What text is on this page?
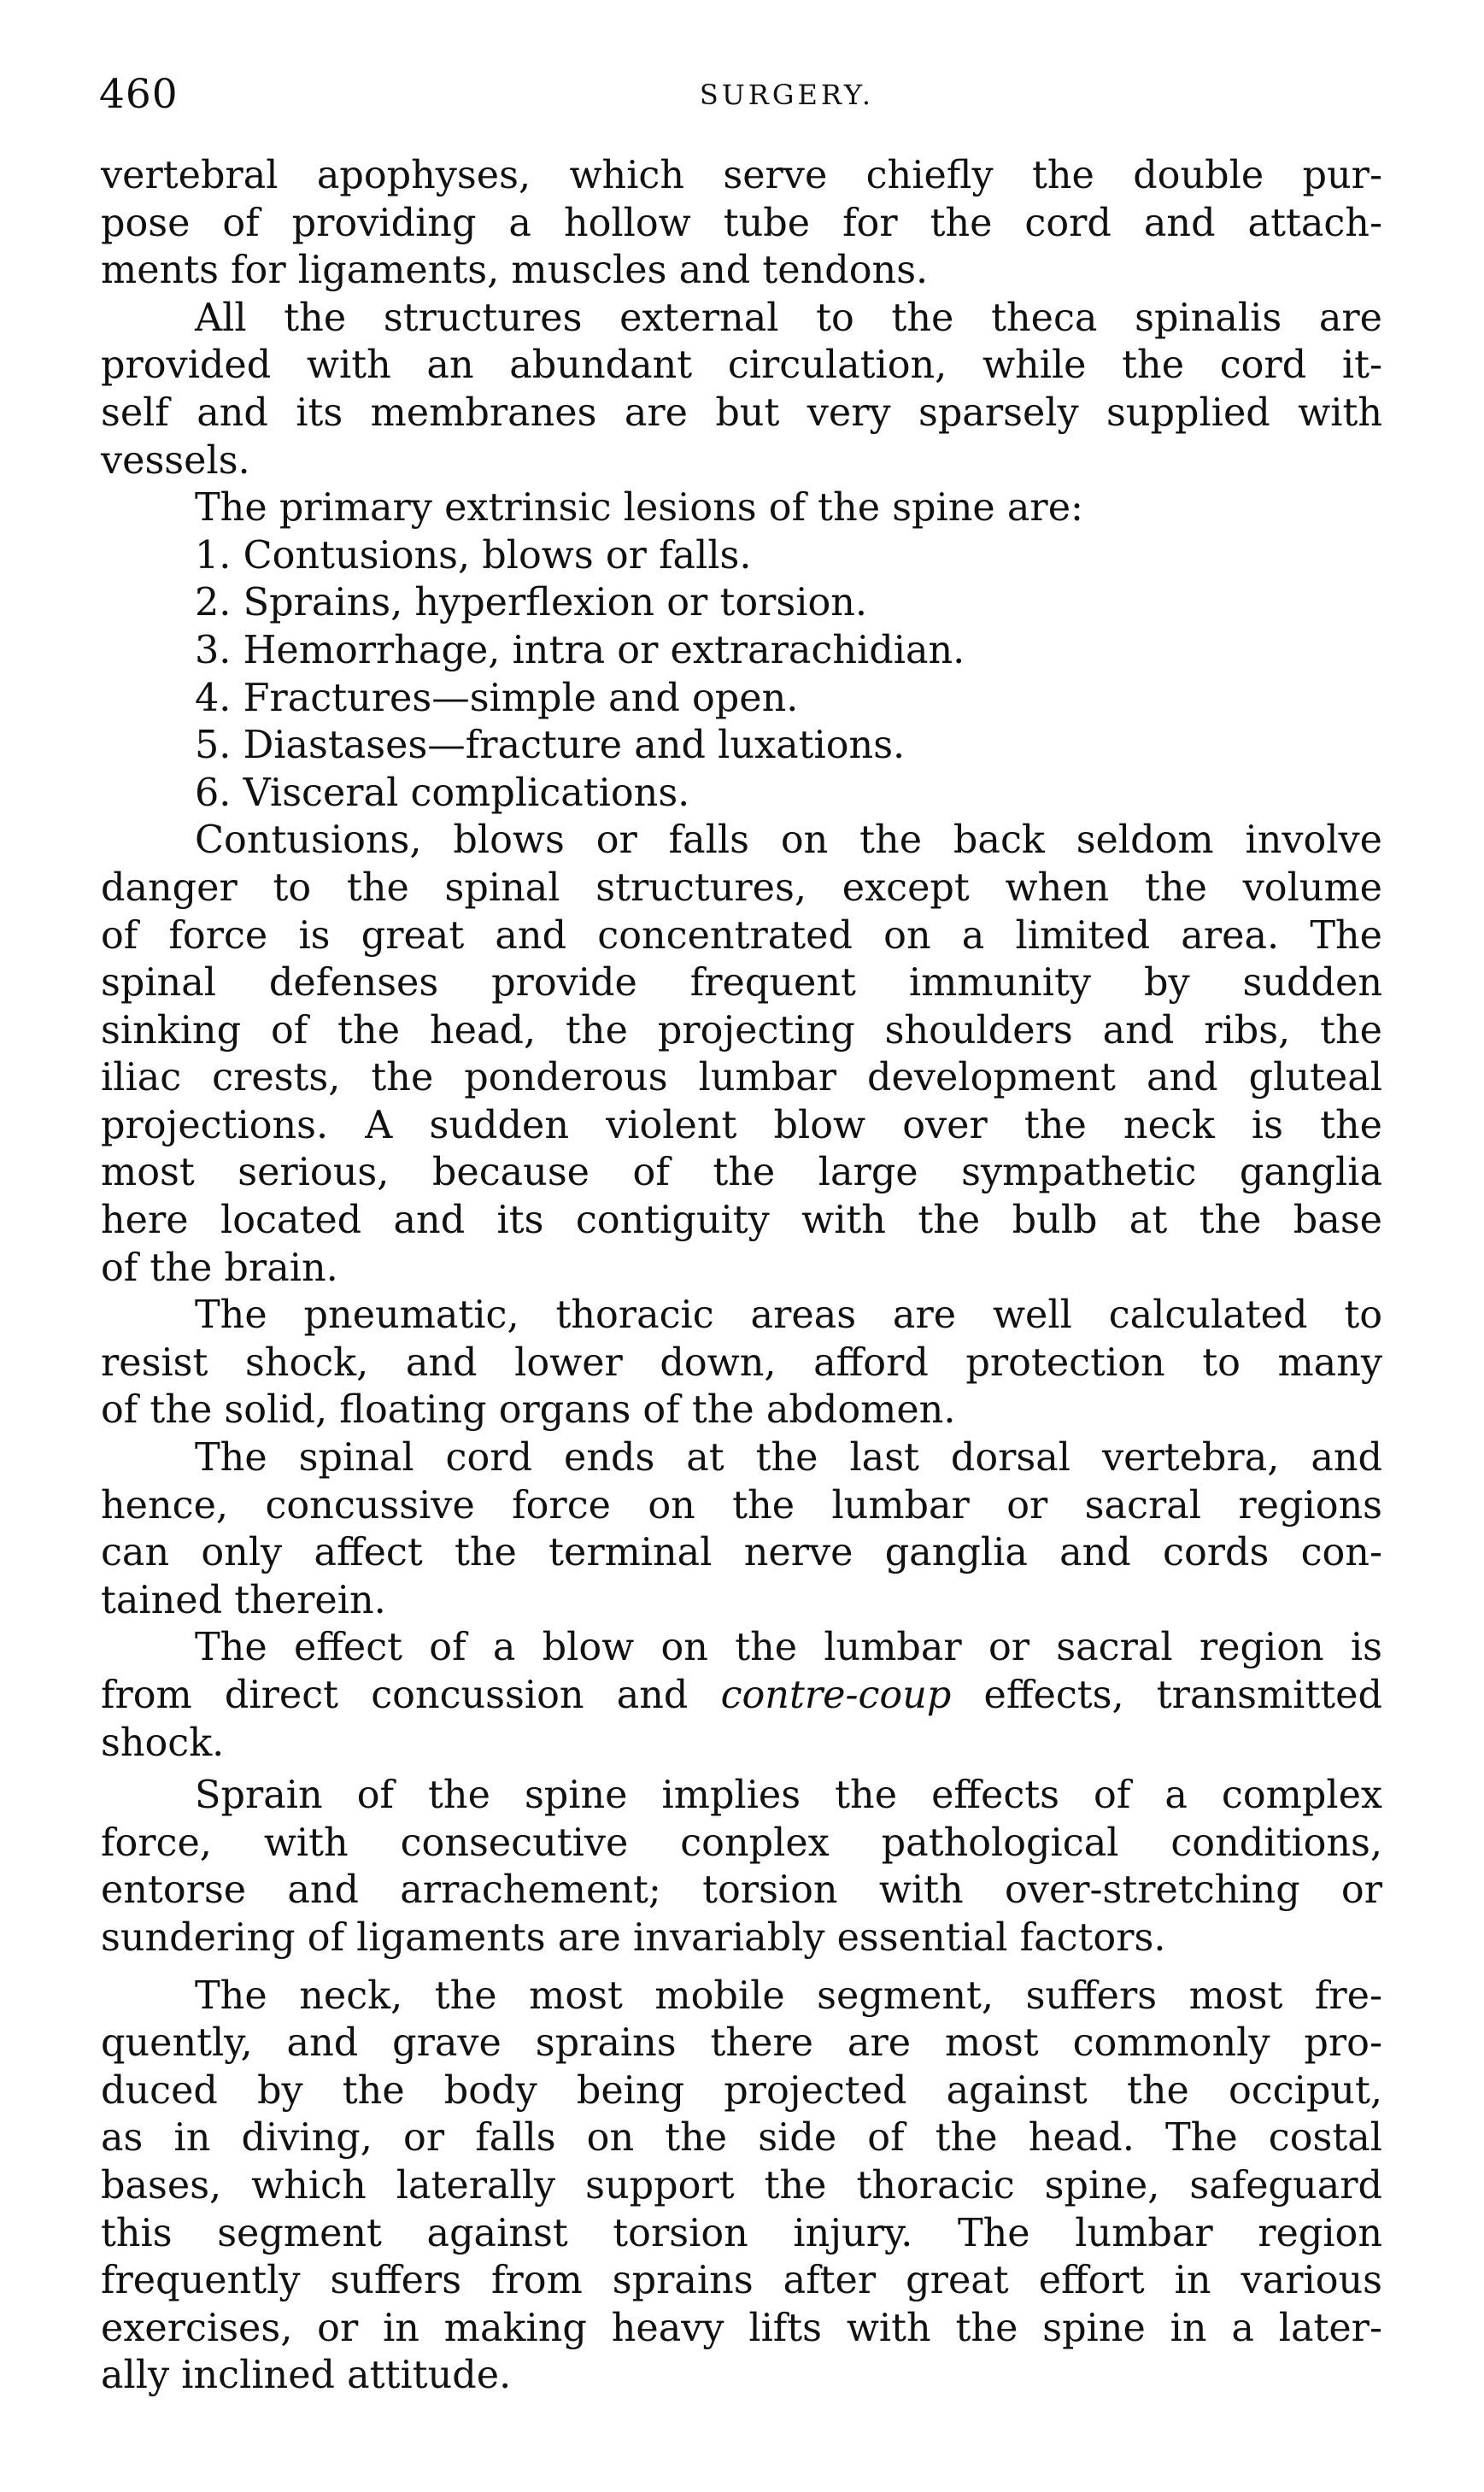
460	SURGERY.
vertebral apophyses, which serve chiefly the double pur-
pose of providing a hollow tube for the cord and attach-
ments for ligaments, muscles and tendons.
All the structures external to the theca spinalis are
provided with an abundant circulation, while the cord it-
self and its membranes are but very sparsely supplied with
vessels.
The primary extrinsic lesions of the spine are:
1. Contusions, blows or falls.
2. Sprains, hyperflexion or torsion.
3. Hemorrhage, intra or extrarachidian.
4. Fractures—simple and open.
5. Diastases—fracture and luxations.
6. Visceral complications.
Contusions, blows or falls on the back seldom involve
danger to the spinal structures, except when the volume
of force is great and concentrated on a limited area. The
spinal defenses provide frequent immunity by sudden
sinking of the head, the projecting shoulders and ribs, the
iliac crests, the ponderous lumbar development and gluteal
projections. A sudden violent blow over the neck is the
most serious, because of the large sympathetic ganglia
here located and its contiguity with the bulb at the base
of the brain.
The pneumatic, thoracic areas are well calculated to
resist shock, and lower down, afford protection to many
of the solid, floating organs of the abdomen.
The spinal cord ends at the last dorsal vertebra, and
hence, concussive force on the lumbar or sacral regions
can only affect the terminal nerve ganglia and cords con-
tained therein.
The effect of a blow on the lumbar or sacral region is
from direct concussion and contre-coup effects, transmitted
shock.
Sprain of the spine implies the effects of a complex
force, with consecutive conplex pathological conditions,
entorse and arrachement; torsion with over-stretching or
sundering of ligaments are invariably essential factors.
The neck, the most mobile segment, suffers most fre-
quently, and grave sprains there are most commonly pro-
duced by the body being projected against the occiput,
as in diving, or falls on the side of the head. The costal
bases, which laterally support the thoracic spine, safeguard
this segment against torsion injury. The lumbar region
frequently suffers from sprains after great effort in various
exercises, or in making heavy lifts with the spine in a later-
ally inclined attitude.
